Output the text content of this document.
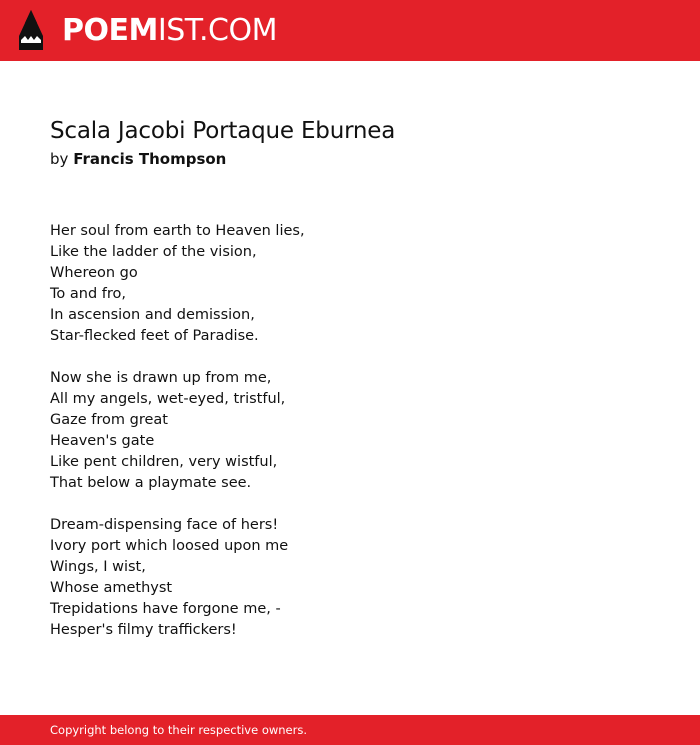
POEMIST.COM
Scala Jacobi Portaque Eburnea
by Francis Thompson
Her soul from earth to Heaven lies,
Like the ladder of the vision,
Whereon go
To and fro,
In ascension and demission,
Star-flecked feet of Paradise.
Now she is drawn up from me,
All my angels, wet-eyed, tristful,
Gaze from great
Heaven's gate
Like pent children, very wistful,
That below a playmate see.
Dream-dispensing face of hers!
Ivory port which loosed upon me
Wings, I wist,
Whose amethyst
Trepidations have forgone me, -
Hesper's filmy traffickers!
Copyright belong to their respective owners.
